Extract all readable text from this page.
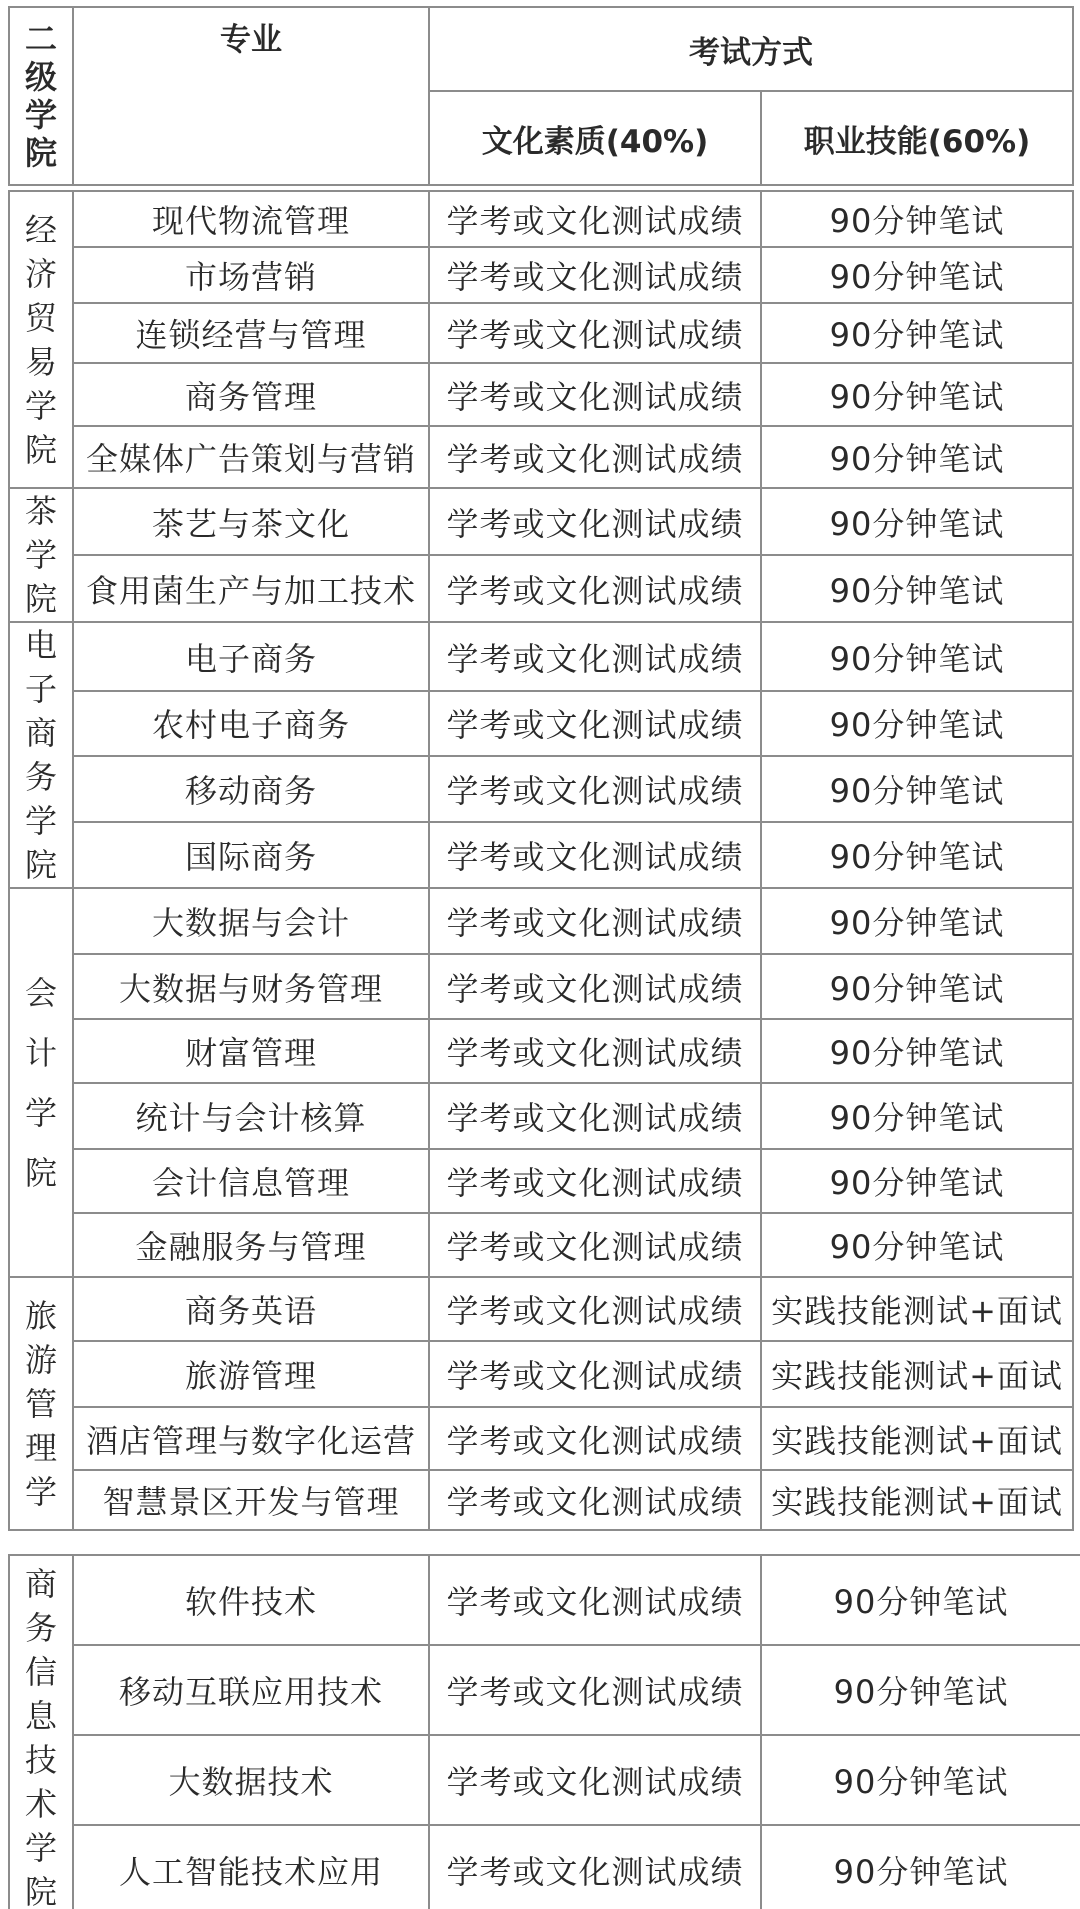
二级学院	专业	考试方式	
		文化素质(40%)	职业技能(60%)
经济贸易学院	现代物流管理	学考或文化测试成绩	90分钟笔试
	市场营销	学考或文化测试成绩	90分钟笔试
	连锁经营与管理	学考或文化测试成绩	90分钟笔试
	商务管理	学考或文化测试成绩	90分钟笔试
	全媒体广告策划与营销	学考或文化测试成绩	90分钟笔试

茶学院	茶艺与茶文化	学考或文化测试成绩	90分钟笔试
	食用菌生产与加工技术	学考或文化测试成绩	90分钟笔试

电子商务学院	电子商务	学考或文化测试成绩	90分钟笔试
	农村电子商务	学考或文化测试成绩	90分钟笔试
	移动商务	学考或文化测试成绩	90分钟笔试
	国际商务	学考或文化测试成绩	90分钟笔试

会计学院	大数据与会计	学考或文化测试成绩	90分钟笔试
	大数据与财务管理	学考或文化测试成绩	90分钟笔试
	财富管理	学考或文化测试成绩	90分钟笔试
	统计与会计核算	学考或文化测试成绩	90分钟笔试
	会计信息管理	学考或文化测试成绩	90分钟笔试
	金融服务与管理	学考或文化测试成绩	90分钟笔试

旅游管理学	商务英语	学考或文化测试成绩	实践技能测试+面试
	旅游管理	学考或文化测试成绩	实践技能测试+面试
	酒店管理与数字化运营	学考或文化测试成绩	实践技能测试+面试
	智慧景区开发与管理	学考或文化测试成绩	实践技能测试+面试
商务信息技术学院	软件技术	学考或文化测试成绩	90分钟笔试
	移动互联应用技术	学考或文化测试成绩	90分钟笔试
	大数据技术	学考或文化测试成绩	90分钟笔试
	人工智能技术应用	学考或文化测试成绩	90分钟笔试
